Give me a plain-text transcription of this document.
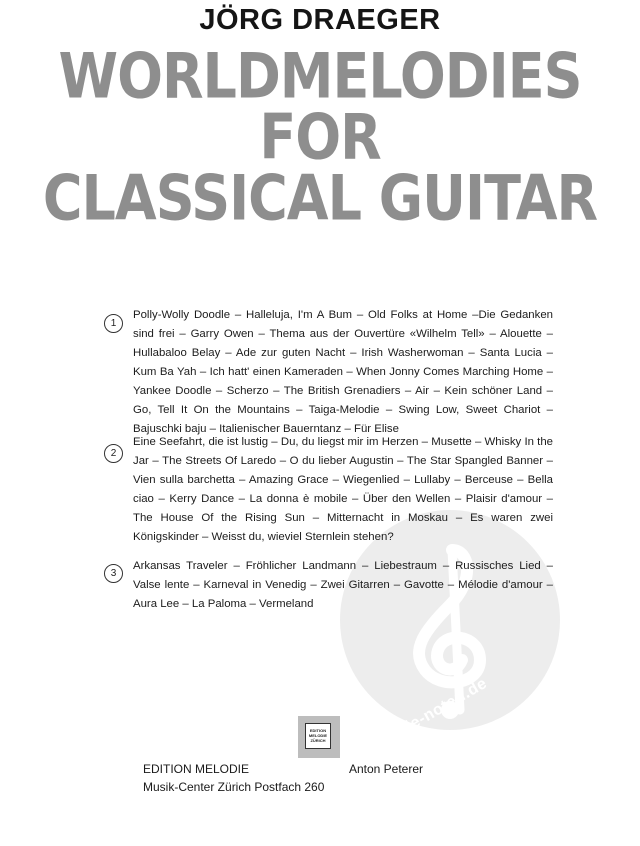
JÖRG DRAEGER
WORLDMELODIES
FOR
CLASSICAL GUITAR
alle-noten.de
1
Polly-Wolly Doodle – Halleluja, I'm A Bum – Old Folks at Home –Die Gedanken sind frei – Garry Owen – Thema aus der Ouvertüre «Wilhelm Tell» – Alouette – Hullabaloo Belay – Ade zur guten Nacht – Irish Washerwoman – Santa Lucia – Kum Ba Yah – Ich hatt' einen Kameraden – When Jonny Comes Marching Home – Yankee Doodle – Scherzo – The British Grenadiers – Air – Kein schöner Land – Go, Tell It On the Mountains – Taiga-Melodie – Swing Low, Sweet Chariot – Bajuschki baju – Italienischer Bauerntanz – Für Elise
2
Eine Seefahrt, die ist lustig – Du, du liegst mir im Herzen – Musette – Whisky In the Jar – The Streets Of Laredo – O du lieber Augustin – The Star Spangled Banner – Vien sulla barchetta – Amazing Grace – Wiegenlied – Lullaby – Berceuse – Bella ciao – Kerry Dance – La donna è mobile – Über den Wellen – Plaisir d'amour – The House Of the Rising Sun – Mitternacht in Moskau – Es waren zwei Königskinder – Weisst du, wieviel Sternlein stehen?
3
Arkansas Traveler – Fröhlicher Landmann – Liebestraum – Russisches Lied – Valse lente – Karneval in Venedig – Zwei Gitarren – Gavotte – Mélodie d'amour – Aura Lee – La Paloma – Vermeland
EDITION MELODIE ZÜRICH
EDITION MELODIE	Anton Peterer
Musik-Center Zürich Postfach 260
